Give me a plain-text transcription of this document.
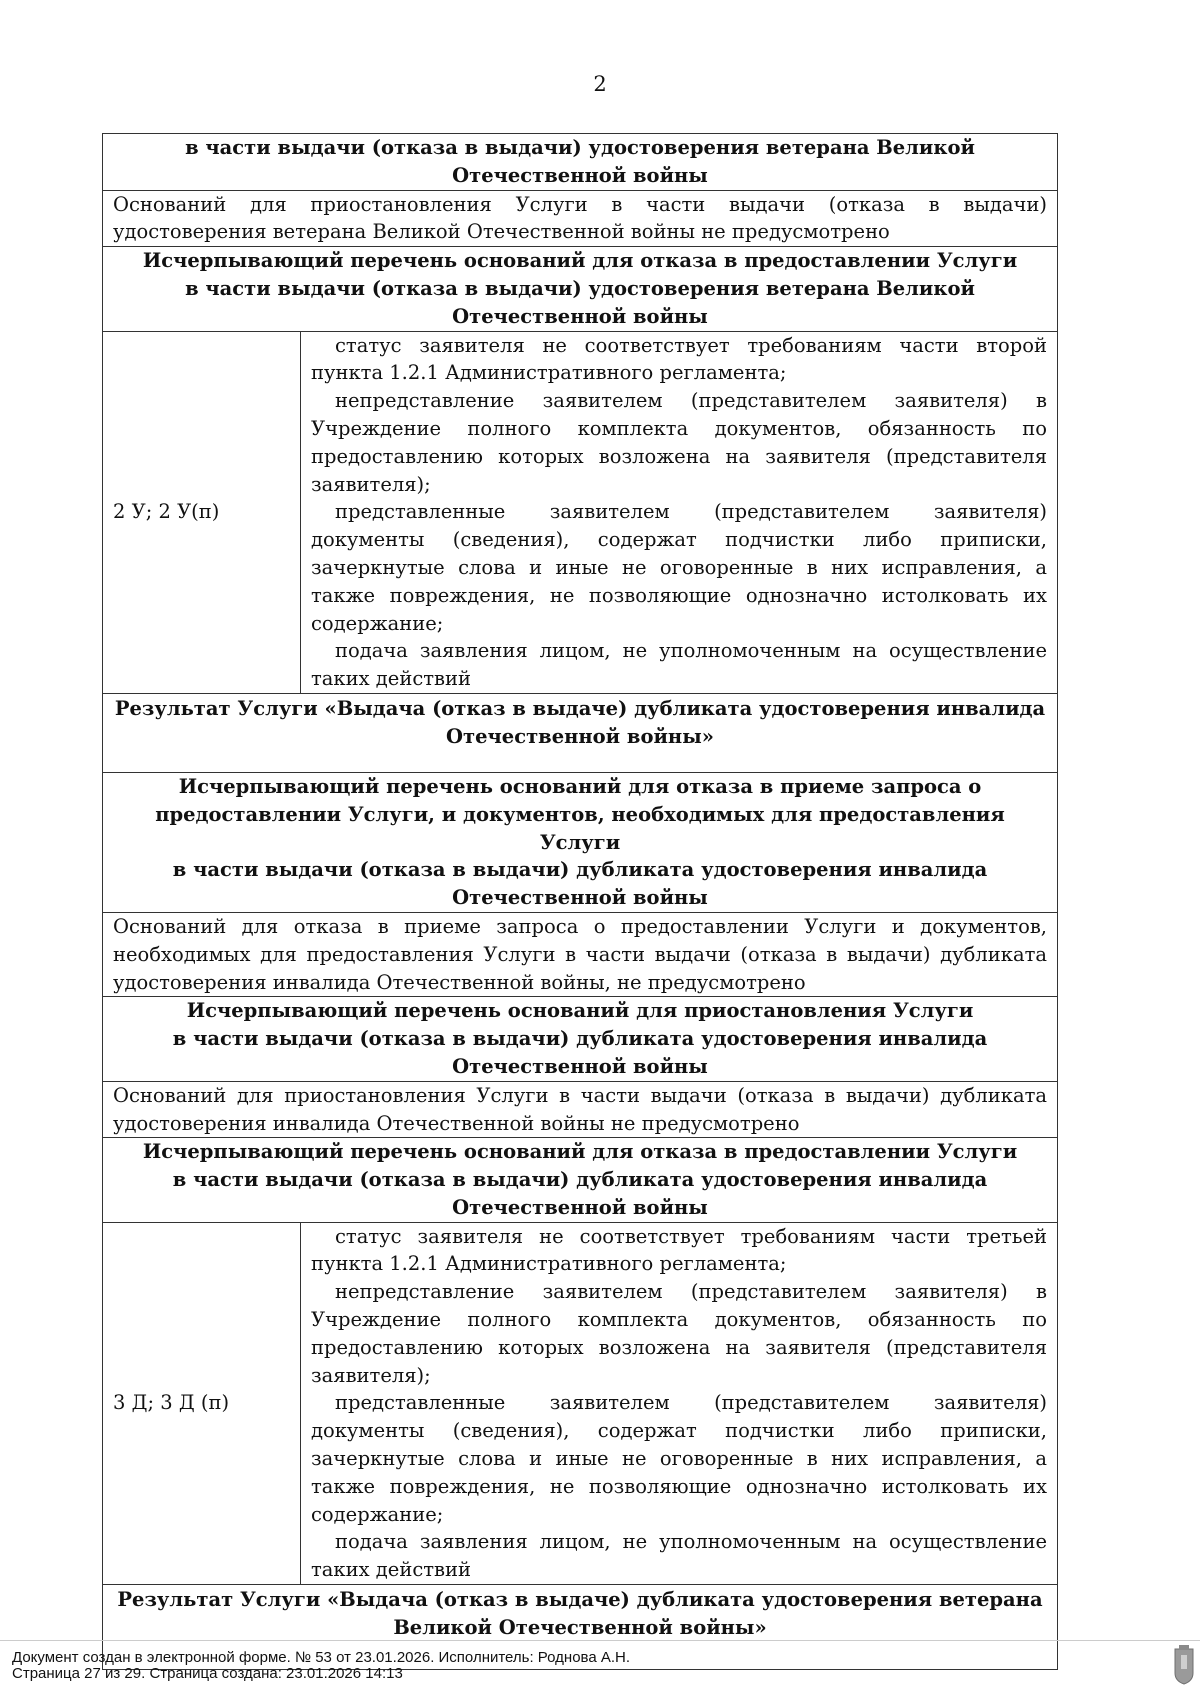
2
в части выдачи (отказа в выдачи) удостоверения ветерана Великой Отечественной войны	

Оснований для приостановления Услуги в части выдачи (отказа в выдачи) удостоверения ветерана Великой Отечественной войны не предусмотрено	

Исчерпывающий перечень оснований для отказа в предоставлении Услуги
в части выдачи (отказа в выдачи) удостоверения ветерана Великой Отечественной войны	

2 У; 2 У(п)	статус заявителя не соответствует требованиям части второй пункта 1.2.1 Административного регламента;

непредставление заявителем (представителем заявителя) в Учреждение полного комплекта документов, обязанность по предоставлению которых возложена на заявителя (представителя заявителя);

представленные заявителем (представителем заявителя) документы (сведения), содержат подчистки либо приписки, зачеркнутые слова и иные не оговоренные в них исправления, а также повреждения, не позволяющие однозначно истолковать их содержание;

подача заявления лицом, не уполномоченным на осуществление таких действий

Результат Услуги «Выдача (отказ в выдаче) дубликата удостоверения инвалида Отечественной войны»	

Исчерпывающий перечень оснований для отказа в приеме запроса о предоставлении Услуги, и документов, необходимых для предоставления Услуги
в части выдачи (отказа в выдачи) дубликата удостоверения инвалида Отечественной войны	

Оснований для отказа в приеме запроса о предоставлении Услуги и документов, необходимых для предоставления Услуги в части выдачи (отказа в выдачи) дубликата удостоверения инвалида Отечественной войны, не предусмотрено	

Исчерпывающий перечень оснований для приостановления Услуги
в части выдачи (отказа в выдачи) дубликата удостоверения инвалида Отечественной войны	

Оснований для приостановления Услуги в части выдачи (отказа в выдачи) дубликата удостоверения инвалида Отечественной войны не предусмотрено	

Исчерпывающий перечень оснований для отказа в предоставлении Услуги
в части выдачи (отказа в выдачи) дубликата удостоверения инвалида Отечественной войны	

3 Д; 3 Д (п)	статус заявителя не соответствует требованиям части третьей пункта 1.2.1 Административного регламента;

непредставление заявителем (представителем заявителя) в Учреждение полного комплекта документов, обязанность по предоставлению которых возложена на заявителя (представителя заявителя);

представленные заявителем (представителем заявителя) документы (сведения), содержат подчистки либо приписки, зачеркнутые слова и иные не оговоренные в них исправления, а также повреждения, не позволяющие однозначно истолковать их содержание;

подача заявления лицом, не уполномоченным на осуществление таких действий

Результат Услуги «Выдача (отказ в выдаче) дубликата удостоверения ветерана Великой Отечественной войны»	
Документ создан в электронной форме. № 53 от 23.01.2026. Исполнитель: Роднова А.Н.
Страница 27 из 29. Страница создана: 23.01.2026 14:13
